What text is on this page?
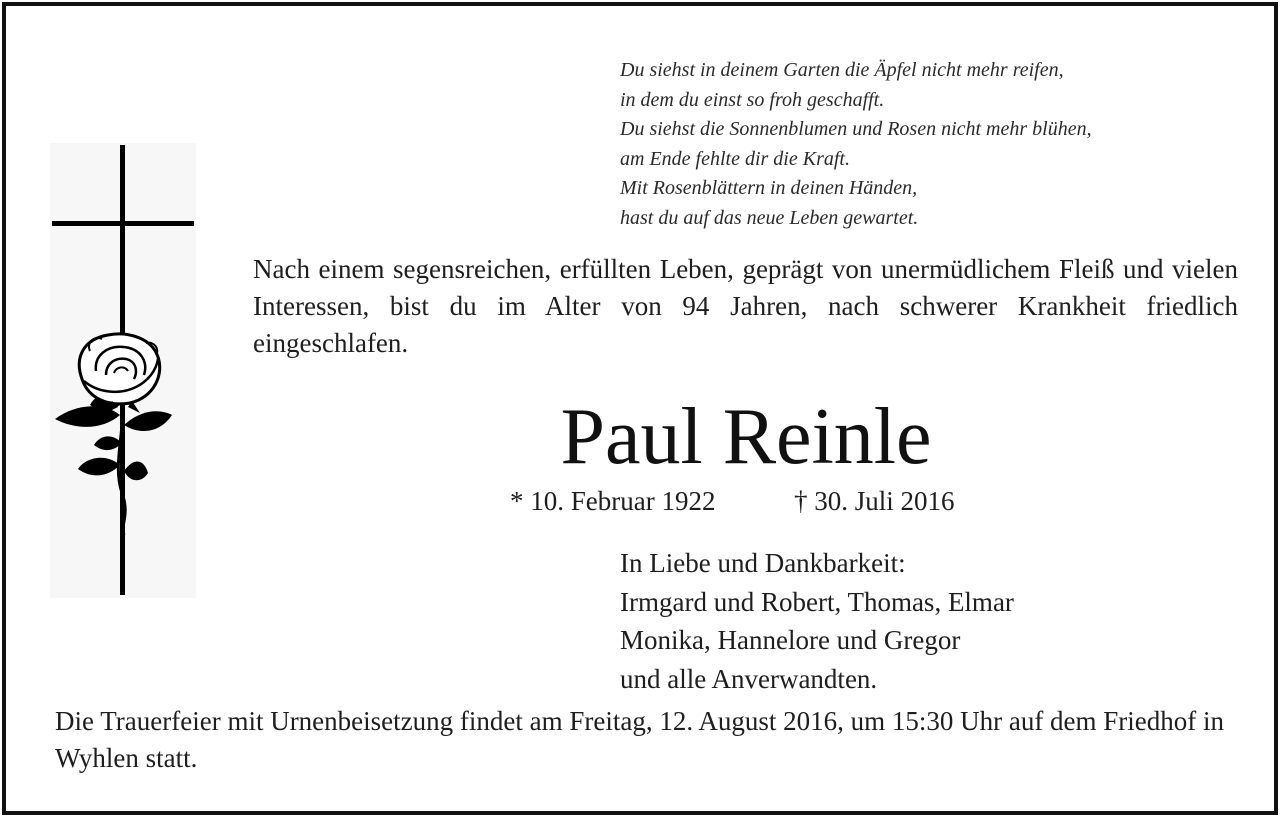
Du siehst in deinem Garten die Äpfel nicht mehr reifen,
in dem du einst so froh geschafft.
Du siehst die Sonnenblumen und Rosen nicht mehr blühen,
am Ende fehlte dir die Kraft.
Mit Rosenblättern in deinen Händen,
hast du auf das neue Leben gewartet.
Nach einem segensreichen, erfüllten Leben, geprägt von unermüdlichem Fleiß und vielen Interessen, bist du im Alter von 94 Jahren, nach schwerer Krankheit friedlich eingeschlafen.
Paul Reinle
* 10. Februar 1922	† 30. Juli 2016
In Liebe und Dankbarkeit:
Irmgard und Robert, Thomas, Elmar
Monika, Hannelore und Gregor
und alle Anverwandten.
Die Trauerfeier mit Urnenbeisetzung findet am Freitag, 12. August 2016, um 15:30 Uhr auf dem Friedhof in Wyhlen statt.
